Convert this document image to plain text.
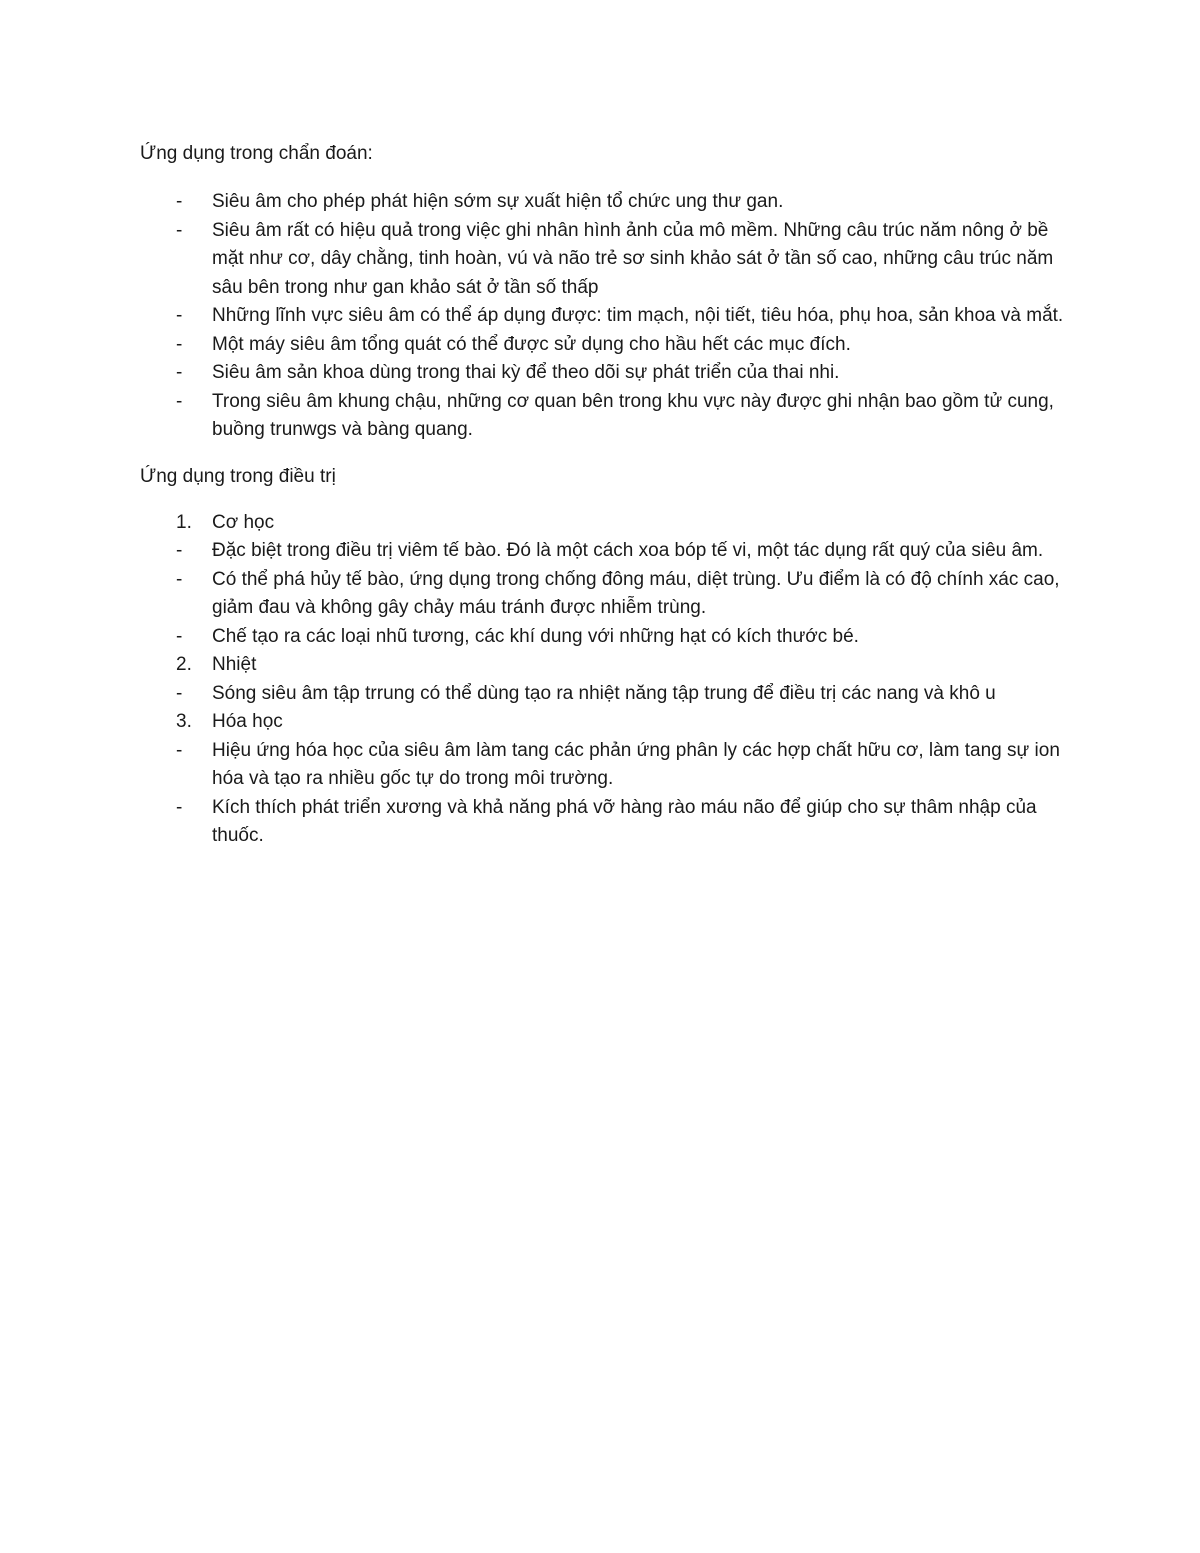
Ứng dụng trong chẩn đoán:

-	Siêu âm cho phép phát hiện sớm sự xuất hiện tổ chức ung thư gan.
-	Siêu âm rất có hiệu quả trong việc ghi nhân hình ảnh của mô mềm. Những câu trúc năm nông ở bề mặt như cơ, dây chằng, tinh hoàn, vú và não trẻ sơ sinh khảo sát ở tần số cao, những câu trúc năm sâu bên trong như gan khảo sát ở tần số thấp
-	Những lĩnh vực siêu âm có thể áp dụng được: tim mạch, nội tiết, tiêu hóa, phụ hoa, sản khoa và mắt.
-	Một máy siêu âm tổng quát có thể được sử dụng cho hầu hết các mục đích.
-	Siêu âm sản khoa dùng trong thai kỳ để theo dõi sự phát triển của thai nhi.
-	Trong siêu âm khung chậu, những cơ quan bên trong khu vực này được ghi nhận bao gồm tử cung, buồng trunwgs và bàng quang.

Ứng dụng trong điều trị

1.	Cơ học
-	Đặc biệt trong điều trị viêm tế bào. Đó là một cách xoa bóp tế vi, một tác dụng rất quý của siêu âm.
-	Có thể phá hủy tế bào, ứng dụng trong chống đông máu, diệt trùng. Ưu điểm là có độ chính xác cao, giảm đau và không gây chảy máu tránh được nhiễm trùng.
-	Chế tạo ra các loại nhũ tương, các khí dung với những hạt có kích thước bé.
2.	Nhiệt
-	Sóng siêu âm tập trrung có thể dùng tạo ra nhiệt năng tập trung để điều trị các nang và khô u
3.	Hóa học
-	Hiệu ứng hóa học của siêu âm làm tang các phản ứng phân ly các hợp chất hữu cơ, làm tang sự ion hóa và tạo ra nhiều gốc tự do trong môi trường.
-	Kích thích phát triển xương và khả năng phá vỡ hàng rào máu não để giúp cho sự thâm nhập của thuốc.
